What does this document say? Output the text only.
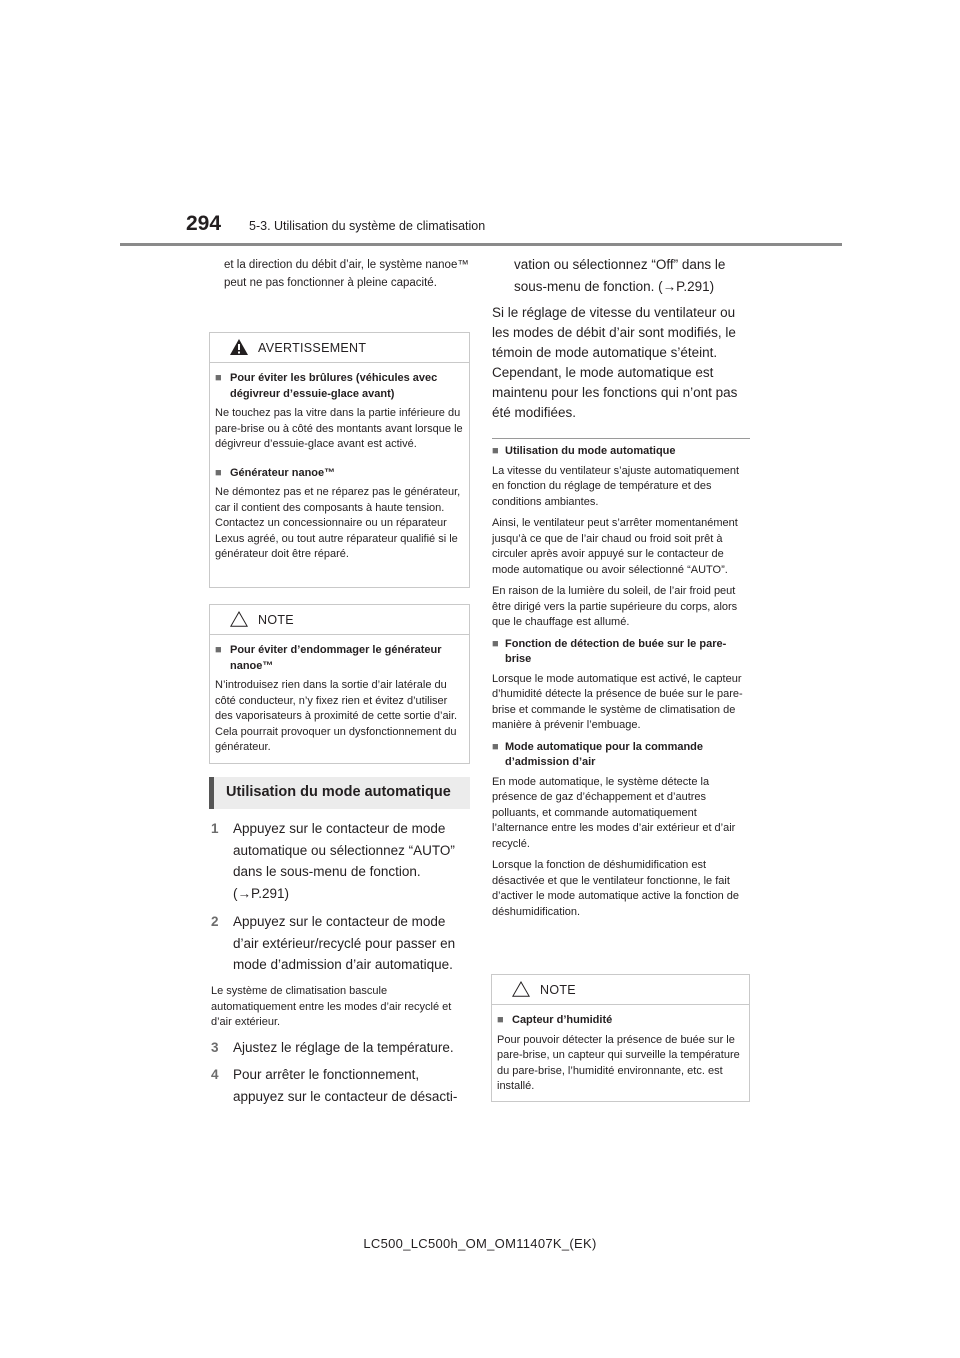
294 5-3. Utilisation du système de climatisation
et la direction du débit d’air, le système nanoe™ peut ne pas fonctionner à pleine capacité.
AVERTISSEMENT
■ Pour éviter les brûlures (véhicules avec dégivreur d’essuie-glace avant)
Ne touchez pas la vitre dans la partie inférieure du pare-brise ou à côté des montants avant lorsque le dégivreur d’essuie-glace avant est activé.
■ Générateur nanoe™
Ne démontez pas et ne réparez pas le générateur, car il contient des composants à haute tension. Contactez un concessionnaire ou un réparateur Lexus agréé, ou tout autre réparateur qualifié si le générateur doit être réparé.
NOTE
■ Pour éviter d’endommager le générateur nanoe™
N’introduisez rien dans la sortie d’air latérale du côté conducteur, n’y fixez rien et évitez d’utiliser des vaporisateurs à proximité de cette sortie d’air. Cela pourrait provoquer un dysfonctionnement du générateur.
Utilisation du mode automatique
1	Appuyez sur le contacteur de mode automatique ou sélectionnez “AUTO” dans le sous-menu de fonction. (→P.291)
2	Appuyez sur le contacteur de mode d’air extérieur/recyclé pour passer en mode d’admission d’air automatique.
Le système de climatisation bascule automatiquement entre les modes d’air recyclé et d’air extérieur.
3	Ajustez le réglage de la température.
4	Pour arrêter le fonctionnement, appuyez sur le contacteur de désacti-
vation ou sélectionnez “Off” dans le sous-menu de fonction. (→P.291)
Si le réglage de vitesse du ventilateur ou les modes de débit d’air sont modifiés, le témoin de mode automatique s’éteint. Cependant, le mode automatique est maintenu pour les fonctions qui n’ont pas été modifiées.
■ Utilisation du mode automatique
La vitesse du ventilateur s’ajuste automatiquement en fonction du réglage de température et des conditions ambiantes.
Ainsi, le ventilateur peut s’arrêter momentanément jusqu’à ce que de l’air chaud ou froid soit prêt à circuler après avoir appuyé sur le contacteur de mode automatique ou avoir sélectionné “AUTO”.
En raison de la lumière du soleil, de l’air froid peut être dirigé vers la partie supérieure du corps, alors que le chauffage est allumé.
■ Fonction de détection de buée sur le pare-brise
Lorsque le mode automatique est activé, le capteur d’humidité détecte la présence de buée sur le pare-brise et commande le système de climatisation de manière à prévenir l’embuage.
■ Mode automatique pour la commande d’admission d’air
En mode automatique, le système détecte la présence de gaz d’échappement et d’autres polluants, et commande automatiquement l’alternance entre les modes d’air extérieur et d’air recyclé.
Lorsque la fonction de déshumidification est désactivée et que le ventilateur fonctionne, le fait d’activer le mode automatique active la fonction de déshumidification.
NOTE
■ Capteur d’humidité
Pour pouvoir détecter la présence de buée sur le pare-brise, un capteur qui surveille la température du pare-brise, l’humidité environnante, etc. est installé.
LC500_LC500h_OM_OM11407K_(EK)
